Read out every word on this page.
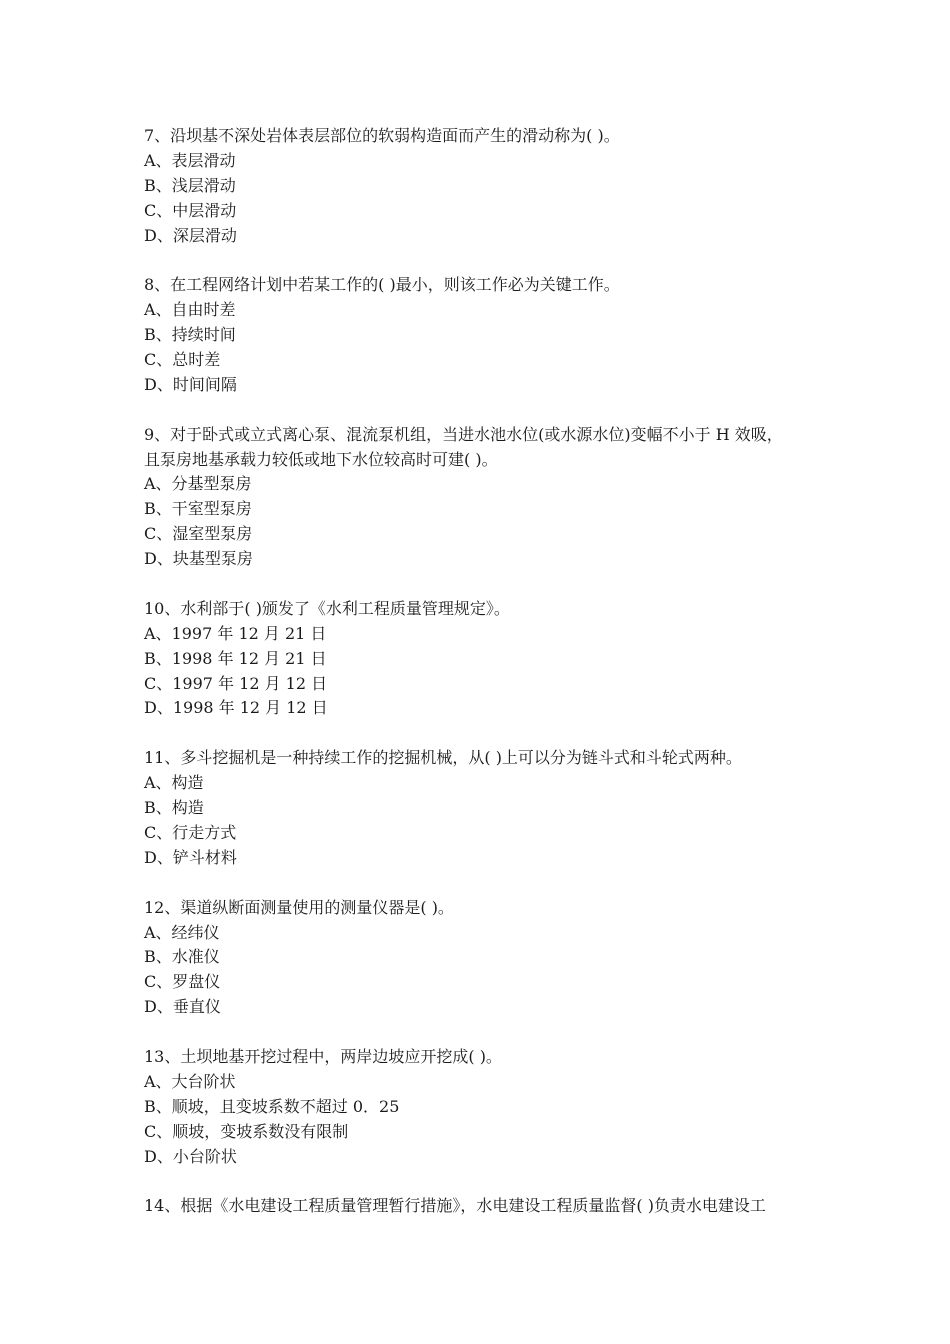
7、沿坝基不深处岩体表层部位的软弱构造面而产生的滑动称为( )。
A、表层滑动
B、浅层滑动
C、中层滑动
D、深层滑动
8、在工程网络计划中若某工作的( )最小，则该工作必为关键工作。
A、自由时差
B、持续时间
C、总时差
D、时间间隔
9、对于卧式或立式离心泵、混流泵机组，当进水池水位(或水源水位)变幅不小于 H 效吸，
且泵房地基承载力较低或地下水位较高时可建( )。
A、分基型泵房
B、干室型泵房
C、湿室型泵房
D、块基型泵房
10、水利部于( )颁发了《水利工程质量管理规定》。
A、1997 年 12 月 21 日
B、1998 年 12 月 21 日
C、1997 年 12 月 12 日
D、1998 年 12 月 12 日
11、多斗挖掘机是一种持续工作的挖掘机械，从( )上可以分为链斗式和斗轮式两种。
A、构造
B、构造
C、行走方式
D、铲斗材料
12、渠道纵断面测量使用的测量仪器是( )。
A、经纬仪
B、水准仪
C、罗盘仪
D、垂直仪
13、土坝地基开挖过程中，两岸边坡应开挖成( )。
A、大台阶状
B、顺坡，且变坡系数不超过 0．25
C、顺坡，变坡系数没有限制
D、小台阶状
14、根据《水电建设工程质量管理暂行措施》，水电建设工程质量监督( )负责水电建设工
